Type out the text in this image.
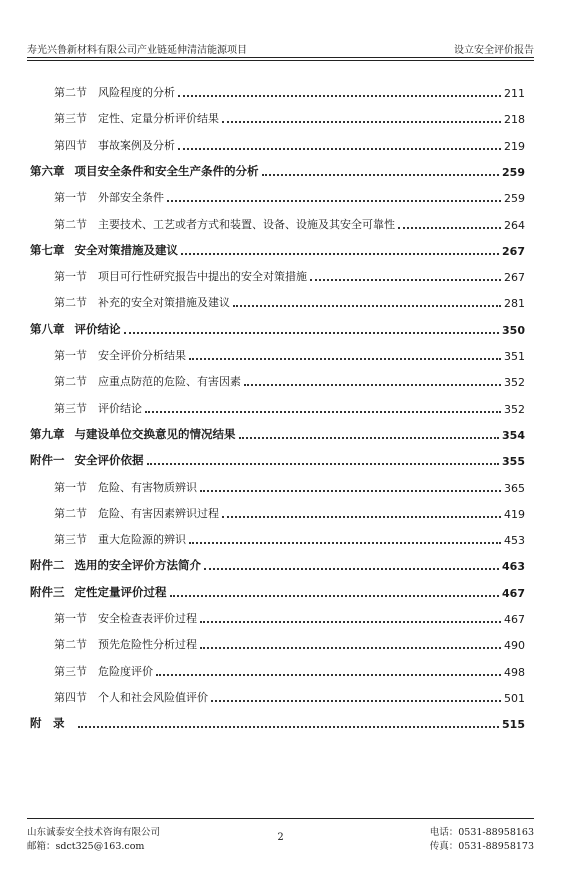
寿光兴鲁新材料有限公司产业链延伸清洁能源项目	设立安全评价报告
第二节 风险程度的分析	211
第三节 定性、定量分析评价结果	218
第四节 事故案例及分析	219
第六章 项目安全条件和安全生产条件的分析	259
第一节 外部安全条件	259
第二节 主要技术、工艺或者方式和装置、设备、设施及其安全可靠性	264
第七章 安全对策措施及建议	267
第一节 项目可行性研究报告中提出的安全对策措施	267
第二节 补充的安全对策措施及建议	281
第八章 评价结论	350
第一节 安全评价分析结果	351
第二节 应重点防范的危险、有害因素	352
第三节 评价结论	352
第九章 与建设单位交换意见的情况结果	354
附件一 安全评价依据	355
第一节 危险、有害物质辨识	365
第二节 危险、有害因素辨识过程	419
第三节 重大危险源的辨识	453
附件二 选用的安全评价方法简介	463
附件三 定性定量评价过程	467
第一节 安全检查表评价过程	467
第二节 预先危险性分析过程	490
第三节 危险度评价	498
第四节 个人和社会风险值评价	501
附　录	515
山东诚泰安全技术咨询有限公司
邮箱：sdct325@163.com
2	电话：0531-88958163
传真：0531-88958173
